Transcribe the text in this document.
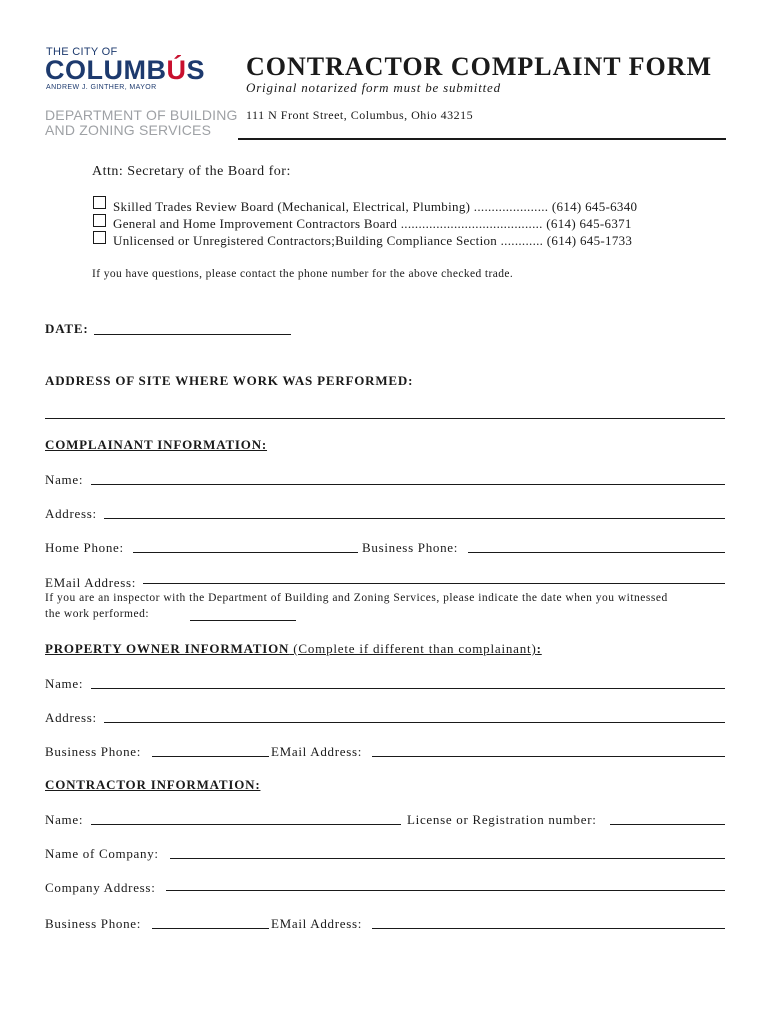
THE CITY OF
COLUMBÚS
ANDREW J. GINTHER, MAYOR
DEPARTMENT OF BUILDING
AND ZONING SERVICES
CONTRACTOR COMPLAINT FORM
Original notarized form must be submitted
111 N Front Street, Columbus, Ohio 43215
Attn: Secretary of the Board for:
Skilled Trades Review Board (Mechanical, Electrical, Plumbing) ..................... (614) 645-6340
General and Home Improvement Contractors Board ........................................ (614) 645-6371
Unlicensed or Unregistered Contractors;Building Compliance Section ............ (614) 645-1733
If you have questions, please contact the phone number for the above checked trade.
DATE:
ADDRESS OF SITE WHERE WORK WAS PERFORMED:
COMPLAINANT INFORMATION:
Name:
Address:
Home Phone:	Business Phone:
EMail Address:
If you are an inspector with the Department of Building and Zoning Services, please indicate the date when you witnessed
the work performed:
PROPERTY OWNER INFORMATION (Complete if different than complainant):
Name:
Address:
Business Phone:	EMail Address:
CONTRACTOR INFORMATION:
Name:	License or Registration number:
Name of Company:
Company Address:
Business Phone:	EMail Address:
